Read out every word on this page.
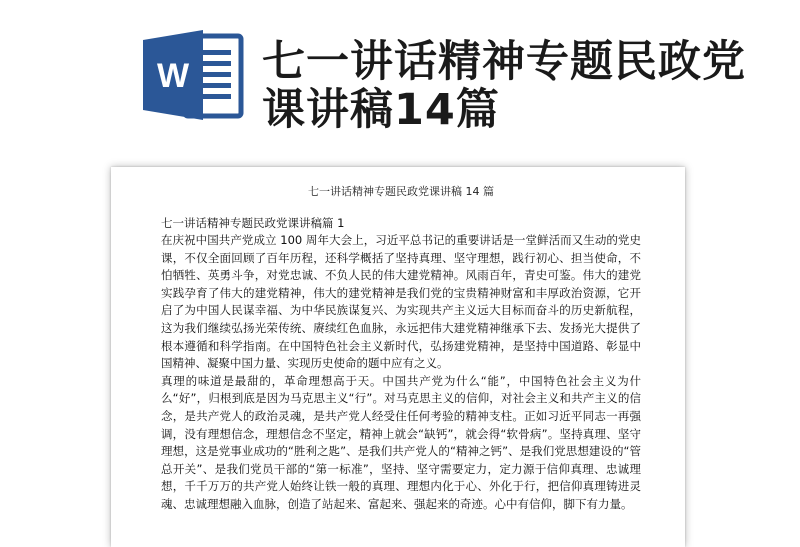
W 七一讲话精神专题民政党课讲稿14篇

七一讲话精神专题民政党课讲稿 14 篇

七一讲话精神专题民政党课讲稿篇 1

在庆祝中国共产党成立 100 周年大会上，习近平总书记的重要讲话是一堂鲜活而又生动的党史课，不仅全面回顾了百年历程，还科学概括了坚持真理、坚守理想，践行初心、担当使命，不怕牺牲、英勇斗争，对党忠诚、不负人民的伟大建党精神。风雨百年，青史可鉴。伟大的建党实践孕育了伟大的建党精神，伟大的建党精神是我们党的宝贵精神财富和丰厚政治资源，它开启了为中国人民谋幸福、为中华民族谋复兴、为实现共产主义远大目标而奋斗的历史新航程，这为我们继续弘扬光荣传统、赓续红色血脉，永远把伟大建党精神继承下去、发扬光大提供了根本遵循和科学指南。在中国特色社会主义新时代，弘扬建党精神，是坚持中国道路、彰显中国精神、凝聚中国力量、实现历史使命的题中应有之义。

真理的味道是最甜的，革命理想高于天。中国共产党为什么“能”，中国特色社会主义为什么“好”，归根到底是因为马克思主义“行”。对马克思主义的信仰，对社会主义和共产主义的信念，是共产党人的政治灵魂，是共产党人经受住任何考验的精神支柱。正如习近平同志一再强调，没有理想信念，理想信念不坚定，精神上就会“缺钙”，就会得“软骨病”。坚持真理、坚守理想，这是党事业成功的“胜利之匙”、是我们共产党人的“精神之钙”、是我们党思想建设的“管总开关”、是我们党员干部的“第一标准”，坚持、坚守需要定力，定力源于信仰真理、忠诚理想，千千万万的共产党人始终让铁一般的真理、理想内化于心、外化于行，把信仰真理铸进灵魂、忠诚理想融入血脉，创造了站起来、富起来、强起来的奇迹。心中有信仰，脚下有力量。
